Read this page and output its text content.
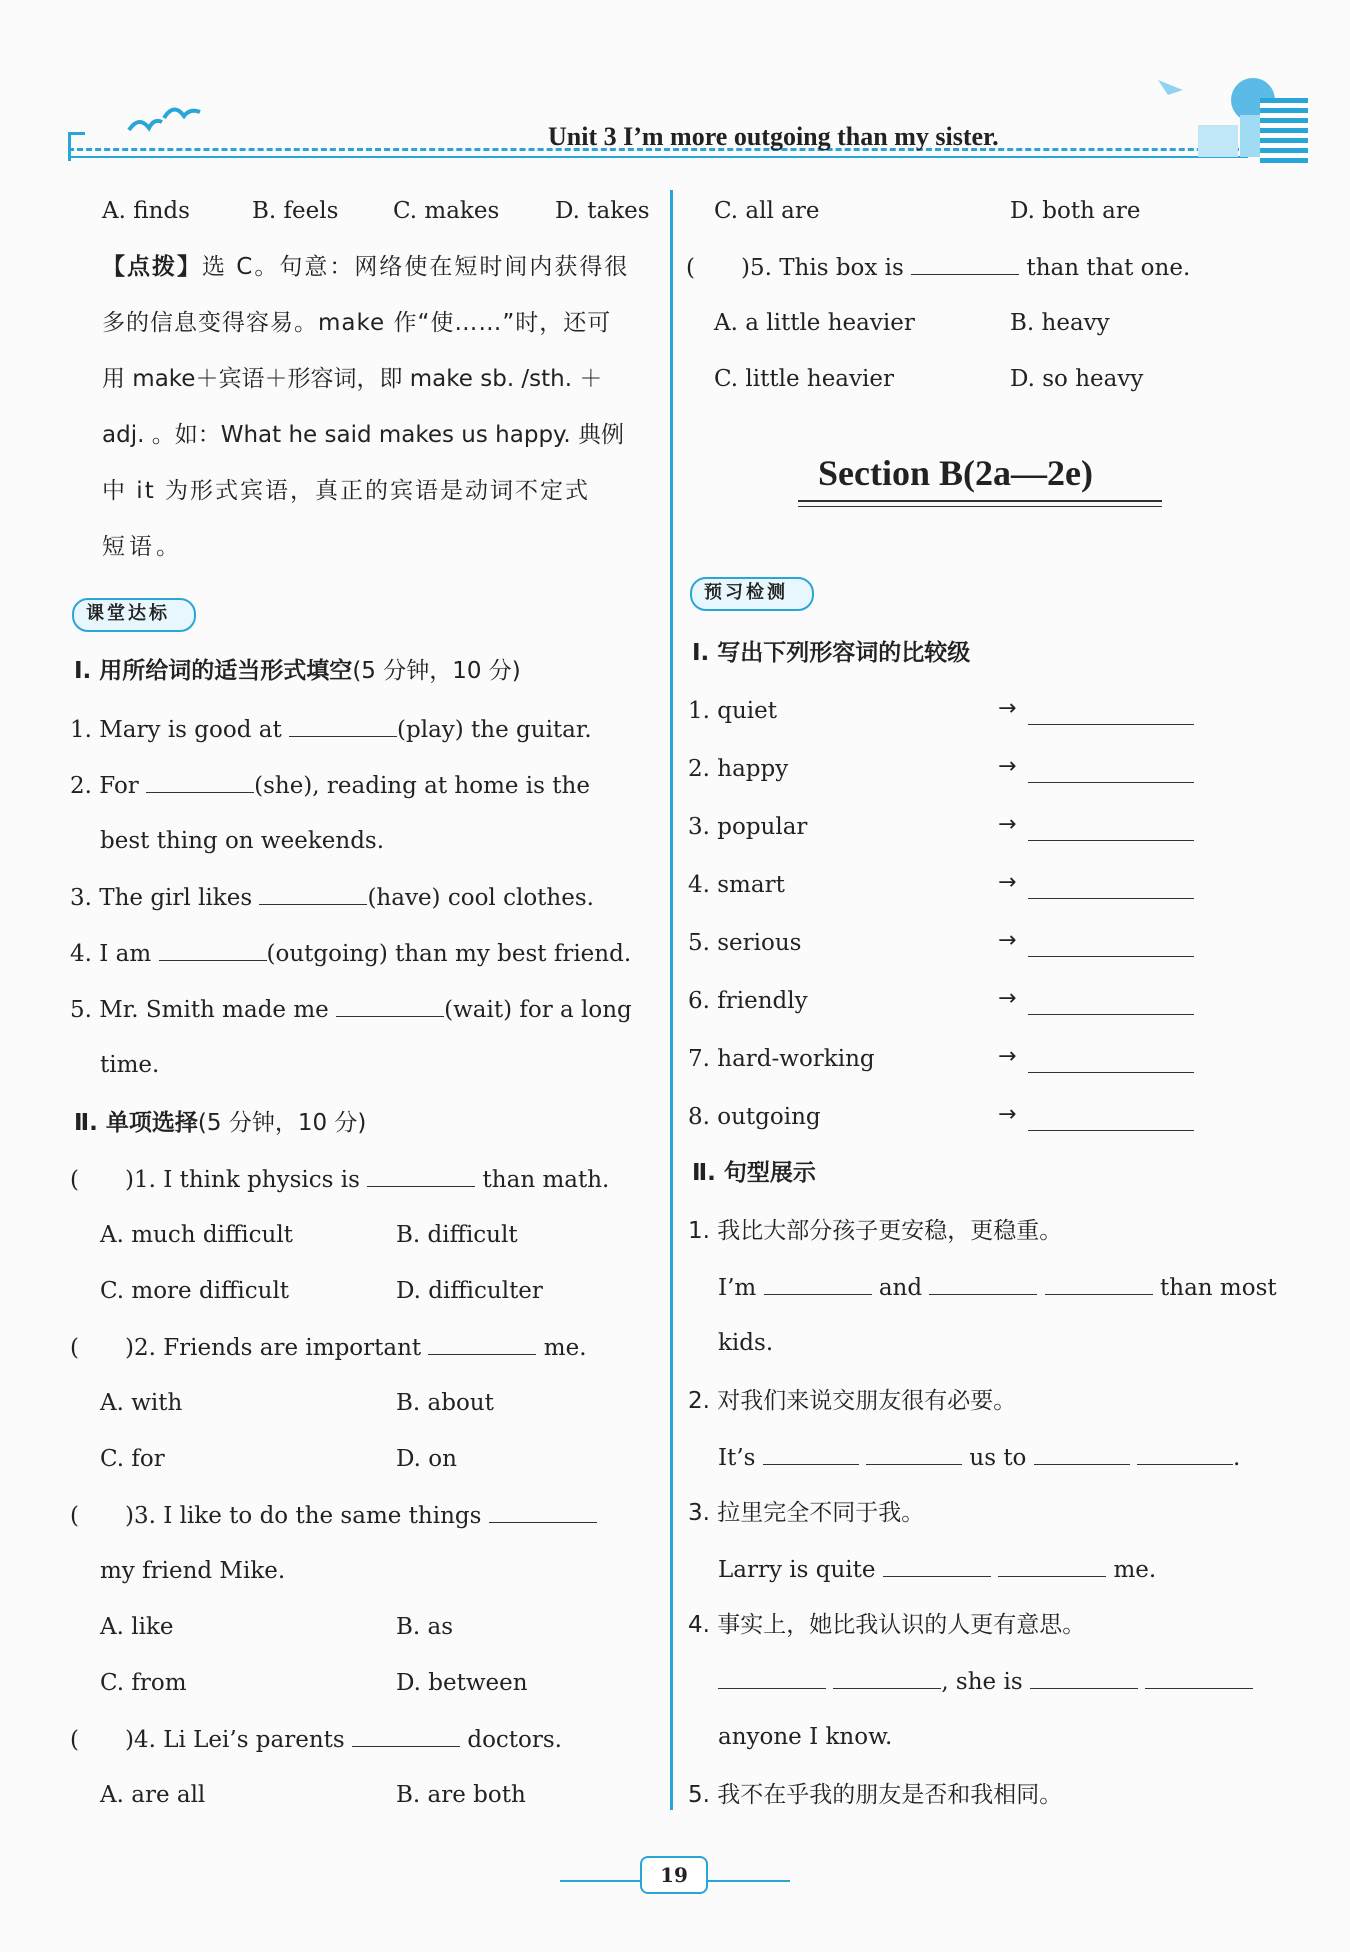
Unit 3 I’m more outgoing than my sister.
A. finds	B. feels C. makes D. takes
【点拨】选 C。句意：网络使在短时间内获得很
多的信息变得容易。make 作“使……”时，还可
用 make＋宾语＋形容词，即 make sb. /sth. ＋
adj. 。如：What he said makes us happy. 典例
中 it 为形式宾语，真正的宾语是动词不定式
短语。
课堂达标
Ⅰ. 用所给词的适当形式填空(5 分钟，10 分)
1. Mary is good at	(play) the guitar.
2. For	(she), reading at home is the
best thing on weekends.
3. The girl likes	(have) cool clothes.
4. I am	(outgoing) than my best friend.
5. Mr. Smith made me	(wait) for a long
time.
Ⅱ. 单项选择(5 分钟，10 分)
(　　)1. I think physics is	than math.
A. much difficult	B. difficult
C. more difficult	D. difficulter
(　　)2. Friends are important	me.
A. with	B. about
C. for	D. on
(　　)3. I like to do the same things
my friend Mike.
A. like	B. as
C. from	D. between
(　　)4. Li Lei’s parents	doctors.
A. are all	B. are both
C. all are	D. both are
(　　)5. This box is	than that one.
A. a little heavier	B. heavy
C. little heavier	D. so heavy
Section B(2a—2e)
预习检测
Ⅰ. 写出下列形容词的比较级
1. quiet	→
2. happy	→
3. popular	→
4. smart	→
5. serious	→
6. friendly	→
7. hard-working	→
8. outgoing	→
Ⅱ. 句型展示
1. 我比大部分孩子更安稳，更稳重。
I’m	and	than most
kids.
2. 对我们来说交朋友很有必要。
It’s	us to	.
3. 拉里完全不同于我。
Larry is quite	me.
4. 事实上，她比我认识的人更有意思。
, she is
anyone I know.
5. 我不在乎我的朋友是否和我相同。
19
